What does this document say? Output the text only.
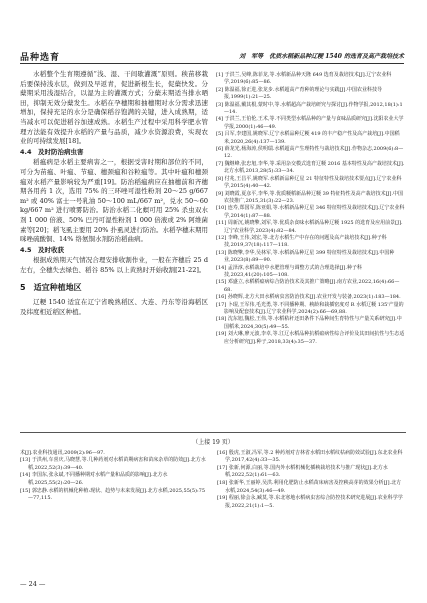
品种选育	刘　军等　优质水稻新品种辽粳 1540 的选育及高产栽培技术

水稻整个生育期遵循“浅、湿、干间歇灌溉”原则。秧苗移栽后要保持浅水层，做到及早返青，促进新根生长，促蘖快发。分蘖期采用浅湿结合，以湿为主的灌溉方式；分蘖末期适当排水晒田，抑制无效分蘖发生。水稻在孕穗期和抽穗期对水分需求迅速增加，保持充足的水分是确保稻谷饱满的关键，进入成熟期，适当减水可以促进稻谷加速成熟。水稻生产过程中采用科学肥水管理方法能有效提升水稻的产量与品质，减少水资源浪费，实现农业的可持续发展[18]。

4.4　及时防治病虫害

稻瘟病是水稻主要病害之一，根据受害时期和部位的不同，可分为苗瘟、叶瘟、节瘟、穗颈瘟和谷粒瘟等。其中叶瘟和穗颈瘟对水稻产量影响较为严重[19]。防治稻瘟病应在抽穗前和齐穗期各用药 1 次，选用 75% 的三环唑可湿性粉剂 20～25 g/667 m² 或 40% 富士一号乳油 50～100 mL/667 m²，兑水 50～60 kg/667 m² 进行喷雾防治。防治水稻二化螟可用 25% 杀虫双水剂 1 000 倍液、50% 巴丹可湿性粉剂 1 000 倍液或 2% 阿维菌素等[20]；稻飞虱主要用 20% 扑虱灵进行防治。水稻孕穗末期用咪唑硫酸铜、14% 络氨铜水剂防治稻曲病。

4.5　及时收获

根据成熟期天气情况合理安排收割作业，一般在齐穗后 25 d 左右，全穗失去绿色、稻谷 85% 以上黄熟时开始收割[21-22]。

5　适宜种植地区

辽粳 1540 适宜在辽宁省晚熟稻区、大连、丹东等沿海稻区及纬度相近稻区种植。

[1] 于洪兰,吴峰,陈菲龙,等.水稻新品种天隆 649 选育及栽培技术[J].辽宁农业科学,2019(6):85—86.

[2] 陈温福,徐正进,张龙步.水稻超高产育种的理论与实践[J].中国农业科技导报,1999(1):21—25.

[3] 陈温福,戴其根,蒙时中,等.水稻超高产栽培研究与探讨[J].作物学报,2012,18(1):1—14.

[4] 于洪兰,王伯伦,王术,等.不同类型水稻品种的产量与食味品质研究[J].沈阳农业大学学报,2000(1):46—49.

[5] 吕军,李建国,姚晓军.辽宁水稻品种辽粳 419 的丰产稳产性及高产栽培[J].中国稻米,2020,26(4):137—139.

[6] 薛龙光,杨海涛,侯明瑞.水稻超高产生理特性与栽培技术[J].作物杂志,2009(6):8—12.

[7] 魏继峰,张忠旭,李华,等.采用杂交模式选育辽粳 2016 基本特性及高产栽培技术[J].北方水稻,2013,28(5):33—34.

[8] 付兆,王昌平,姚晓军.水稻新品种辽星 21 特征特性及栽培技术要点[J].辽宁农业科学,2015(4):40—42.

[9] 刘晓霞,夏彦平,李华,等.优质粳稻新品种辽粳 39 特征特性及高产栽培技术[J].中国农技推广,2015,31(3):22—23.

[10] 连寿,郑国军,陈亚娟,等.水稻新品种辽星 346 特征特性及栽培技术[J].辽宁农业科学,2014(1):87—88.

[11] 周新沉,姚晓擎,刘军,等.优质杂食味水稻新品种辽粳 1925 的选育及应用前景[J].辽宁农业科学,2023(4):82—84.

[12] 李峰,王伟,刘宏,等.北方水稻生产中存在的问题及高产栽培技术[J].种子科技,2019,37(18):117—118.

[13] 陈晓擎,李华,吴林军,等.水稻新品种辽星 399 特征特性及栽培技术[J].中国种业,2023(8):89—90.

[14] 孟泽淳,水稻栽培中水肥管理与调整方式的合理选择[J].种子科技,2023,41(20):105—108.

[15] 邓盛立,水稻稻瘟病综合防治技术及其推广策略[J].南方农业,2022,16(4):66—68.

[16] 孙晓辉,北方大田水稻病虫害防治技术[J].农业开发与装备,2023(1):183—184.

[17] 卜琨,王军伟,毛光勇,等.不同播种期、秧龄和栽插密度对 R 水稻辽粳 135'产量的影响及配套技术[J].辽宁农业科学,2024(2):66—69,88.

[18] 沈东旭,魏松,王伟,等.水稻秸秆还田条件下品种间生育特性与产量关系研究[J].中国稻米,2024,30(5):49—55.

[19] 刘大琳,廖元波,李卓,等.江辽水稻品种抗稻瘟病性综合评价及其田间抗性与生态适应分析研究[J].种子,2018,33(4):35—37.

（上接 19 页）

术[J].农业科技通讯,2009(2):96—97.

[13] 于洪州,车喜庆,马晓慧,等.几种药剂对水稻苗期病害和苗床杂草的防效[J].北方水稻,2022,52(3):39—40.

[14] 李国东,张永斌,不同播种期对水稻产量和品质的影响[J].北方水稻,2025,55(2):20—26.

[15] 郭忠静.水稻的机械化种植:现状、趋势与未来发展[J].北方水稻,2025,55(5):75—77,115.

[16] 殷虎,王淑,冯军,等.2 种药剂对吉林省水稻田水稻纹枯病防效试验[J].东北农业科学,2017,42(4):33—35.

[17] 张新,何源,白丽,等.国内外水稻机械化插秧栽培技术与推广现状[J].北方水稻,2022,52(1):61—63.

[18] 张新华,王丽婷,吴洪.利用化肥防止水稻苗床病害及控秧高芽的效果分析[J].北方水稻,2024,54(3):46—49.

[19] 程丽,徐会永,臧莫,等.东北寒地水稻病虫害综合防控技术研究进展[J].农业科学学报,2022,21(1):1—5.

— 24 —
